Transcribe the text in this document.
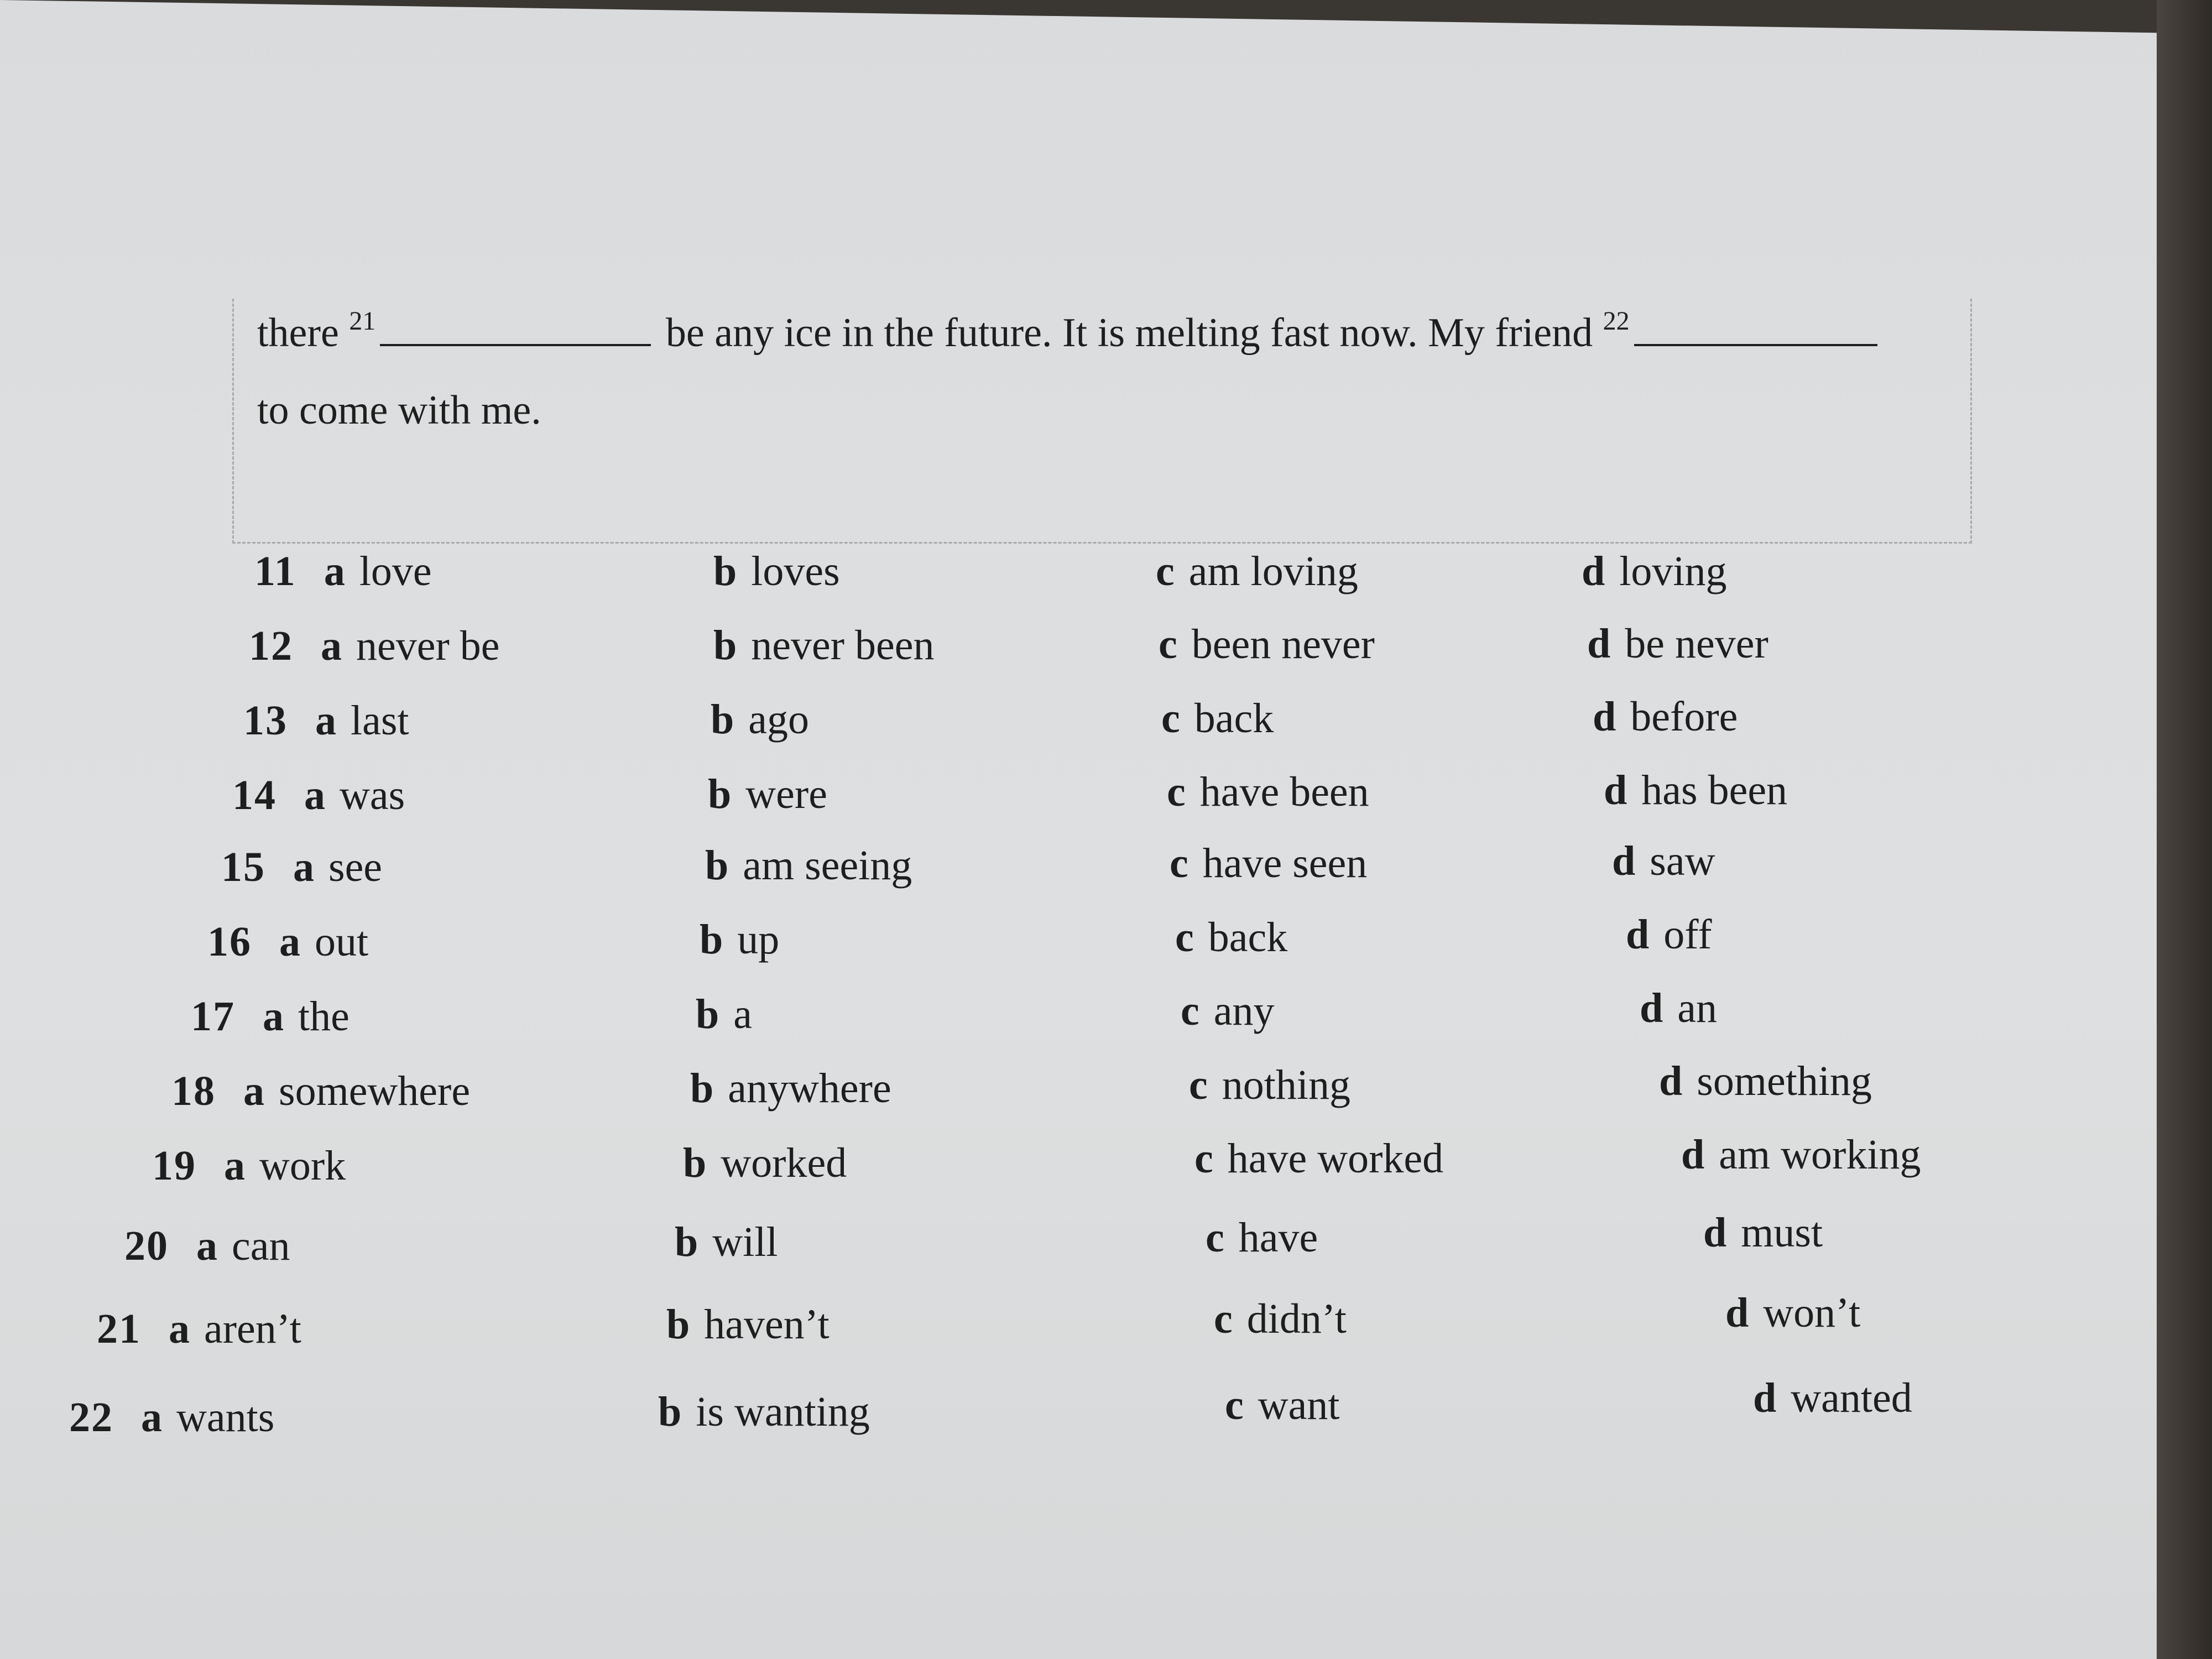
there $^{21}$	be any ice in the future. It is melting fast now. My friend $^{22}$
to come with me.
11 a love	b loves	c am loving	d loving
12 a never be	b never been	c been never	d be never
13 a last	b ago	c back	d before
14 a was	b were	c have been	d has been
15 a see	b am seeing	c have seen	d saw
16 a out	b up	c back	d off
17 a the	b a	c any	d an
18 a somewhere	b anywhere	c nothing	d something
19 a work	b worked	c have worked	d am working
20 a can	b will	c have	d must
21 a aren’t	b haven’t	c didn’t	d won’t
22 a wants	b is wanting	c want	d wanted
